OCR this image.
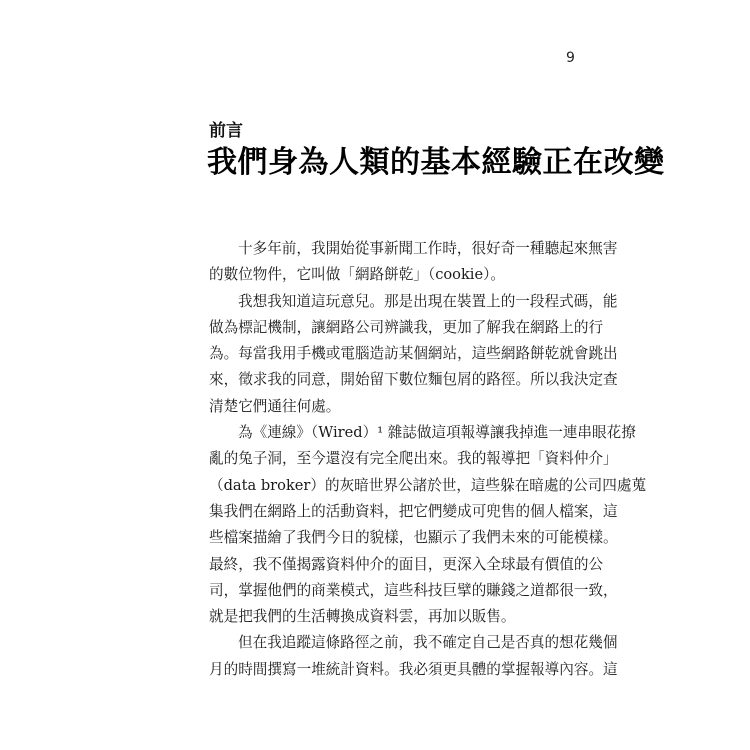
9
前言
我們身為人類的基本經驗正在改變
十多年前，我開始從事新聞工作時，很好奇一種聽起來無害
的數位物件，它叫做「網路餅乾」（cookie）。
我想我知道這玩意兒。那是出現在裝置上的一段程式碼，能
做為標記機制，讓網路公司辨識我，更加了解我在網路上的行
為。每當我用手機或電腦造訪某個網站，這些網路餅乾就會跳出
來，徵求我的同意，開始留下數位麵包屑的路徑。所以我決定查
清楚它們通往何處。
為《連線》（Wired）¹ 雜誌做這項報導讓我掉進一連串眼花撩
亂的兔子洞，至今還沒有完全爬出來。我的報導把「資料仲介」
（data broker）的灰暗世界公諸於世，這些躲在暗處的公司四處蒐
集我們在網路上的活動資料，把它們變成可兜售的個人檔案，這
些檔案描繪了我們今日的貌樣，也顯示了我們未來的可能模樣。
最終，我不僅揭露資料仲介的面目，更深入全球最有價值的公
司，掌握他們的商業模式，這些科技巨擘的賺錢之道都很一致，
就是把我們的生活轉換成資料雲，再加以販售。
但在我追蹤這條路徑之前，我不確定自己是否真的想花幾個
月的時間撰寫一堆統計資料。我必須更具體的掌握報導內容。這
